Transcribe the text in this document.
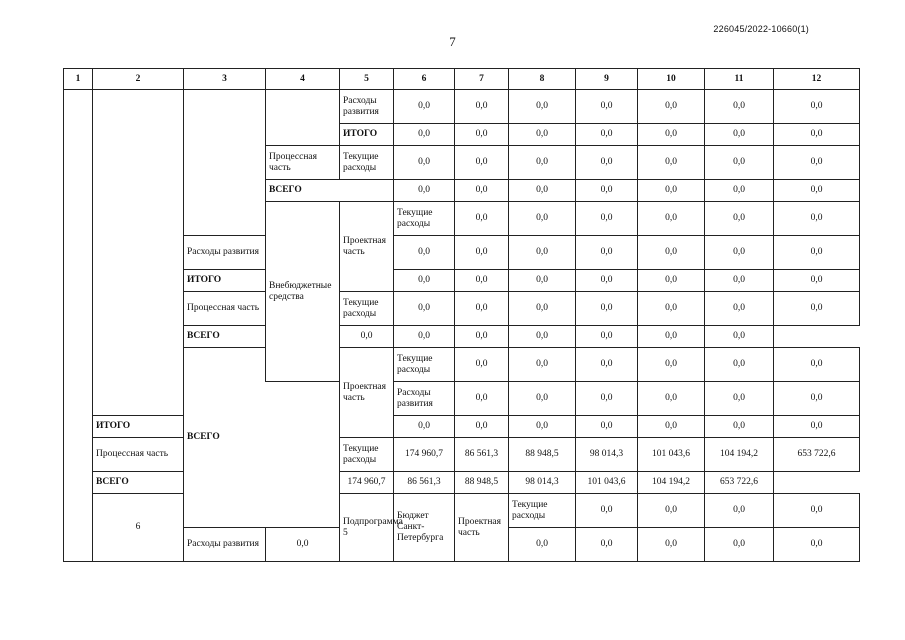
226045/2022-10660(1)
7
1	2	3	4	5	6	7	8	9	10	11	12	
				Расходы развития	0,0	0,0	0,0	0,0	0,0	0,0	0,0	
				ИТОГО	0,0	0,0	0,0	0,0	0,0	0,0	0,0	
			Процессная часть	Текущие расходы	0,0	0,0	0,0	0,0	0,0	0,0	0,0	
			ВСЕГО		0,0	0,0	0,0	0,0	0,0	0,0	0,0	
			Внебюджетные средства	Проектная часть	Текущие расходы	0,0	0,0	0,0	0,0	0,0	0,0	
		Расходы развития			0,0	0,0	0,0	0,0	0,0	0,0	0,0	
		ИТОГО			0,0	0,0	0,0	0,0	0,0	0,0	0,0	
		Процессная часть		Текущие расходы	0,0	0,0	0,0	0,0	0,0	0,0	0,0	
		ВСЕГО		0,0	0,0	0,0	0,0	0,0	0,0	0,0		
		ВСЕГО		Проектная часть	Текущие расходы	0,0	0,0	0,0	0,0	0,0	0,0	
					Расходы развития	0,0	0,0	0,0	0,0	0,0	0,0	
	ИТОГО				0,0	0,0	0,0	0,0	0,0	0,0	0,0	
	Процессная часть			Текущие расходы	174 960,7	86 561,3	88 948,5	98 014,3	101 043,6	104 194,2	653 722,6	
	ВСЕГО			174 960,7	86 561,3	88 948,5	98 014,3	101 043,6	104 194,2	653 722,6		
	6			Подпрограмма 5	Бюджет Санкт-Петербурга	Проектная часть	Текущие расходы	0,0	0,0	0,0	0,0			
		Расходы развития	0,0				0,0	0,0	0,0	0,0	0,0	
